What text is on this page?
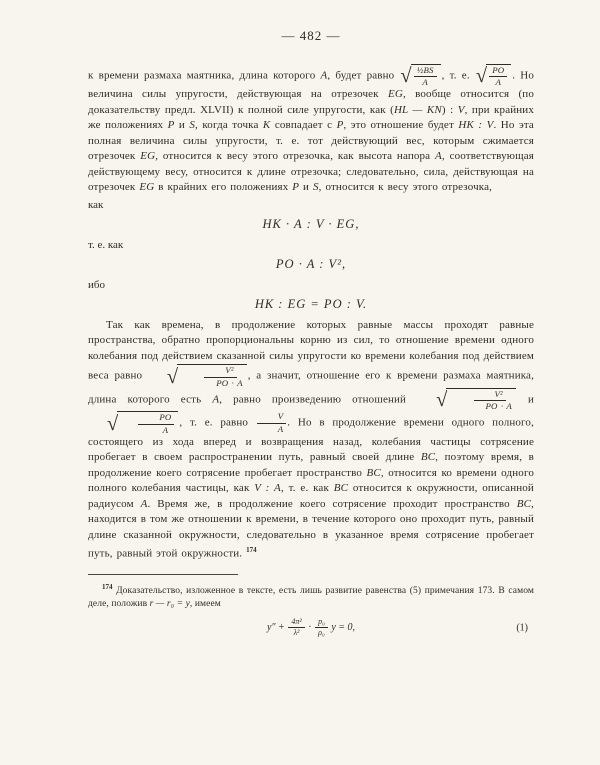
— 482 —

к времени размаха маятника, длина которого A, будет равно √ $\frac{\text{½BS}}{A}$ , т. е. √ $\frac{PO}{A}$ . Но величина силы упругости, действующая на отрезочек EG, вообще относится (по доказательству предл. XLVII) к полной силе упругости, как (HL — KN) : V, при крайних же положениях P и S, когда точка K совпадает с P, это отношение будет HK : V. Но эта полная величина силы упругости, т. е. тот действующий вес, которым сжимается отрезочек EG, относится к весу этого отрезочка, как высота напора A, соответствующая действующему весу, относится к длине отрезочка; следовательно, сила, действующая на отрезочек EG в крайних его положениях P и S, относится к весу этого отрезочка,

как
HK · A : V · EG,
т. е. как
PO · A : V²,
ибо
HK : EG = PO : V.

Так как времена, в продолжение которых равные массы проходят равные пространства, обратно пропорциональны корню из сил, то отношение времени одного колебания под действием сказанной силы упругости ко времени колебания под действием веса равно √ $\frac{\text{V²}}{PO \cdot A}$ , а значит, отношение его к времени размаха маятника, длина которого есть A, равно произведению отношений √ $\frac{\text{V²}}{PO \cdot A}$ и
√ $\frac{PO}{A}$ , т. е. равно $\frac{V}{A}$ . Но в продолжение времени одного полного, состоящего из хода вперед и возвращения назад, колебания частицы сотрясение пробегает в своем распространении путь, равный своей длине BC, поэтому время, в продолжение коего сотрясение пробегает пространство BC, относится ко времени одного полного колебания частицы, как V : A, т. е. как BC относится к окружности, описанной радиусом A. Время же, в продолжение коего сотрясение проходит пространство BC, находится в том же отношении к времени, в течение которого оно проходит путь, равный длине сказанной окружности, следовательно в указанное время сотрясение пробегает путь, равный этой окружности. $^{174}$

$^{174}$ Доказательство, изложенное в тексте, есть лишь развитие равенства (5) примечания 173. В самом деле, положив r — r₀ = y, имеем

$y'' + \frac{\text{4π²}}{\text{λ²}} \cdot \frac{\text{p₀}}{\text{ρ₀}}$ y = 0,	(1)
